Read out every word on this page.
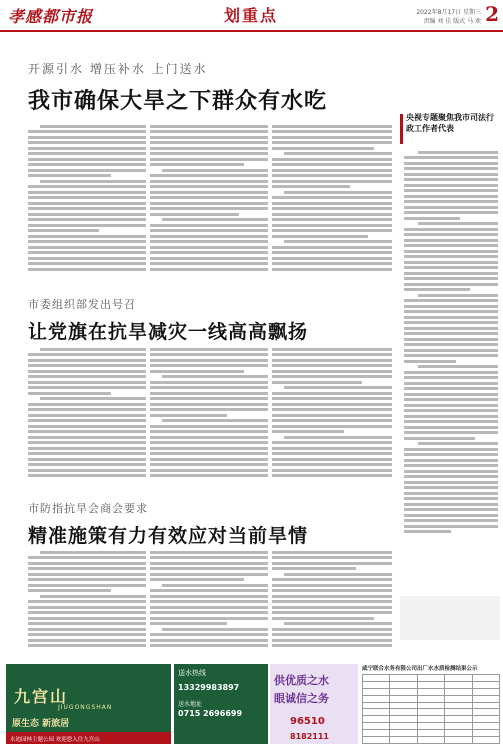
孝感都市报	划重点	2022年8月17日 星期三
责编 刘 佳 版式 马 欢 2
开源引水 增压补水 上门送水
我市确保大旱之下群众有水吃
央视专题聚焦我市司法行政工作者代表
市委组织部发出号召
让党旗在抗旱减灾一线高高飘扬
市防指抗旱会商会要求
精准施策有力有效应对当前旱情
九宫山
JIUGONGSHAN
原生态 新旅居
永迪园林主题公园 欢迎您入住九宫山
送水热线
13329983897
送水地址
0715 2696699
供优质之水
眼诚信之务
96510
8182111
咸宁联合水务有限公司出厂水水质检测结果公示
